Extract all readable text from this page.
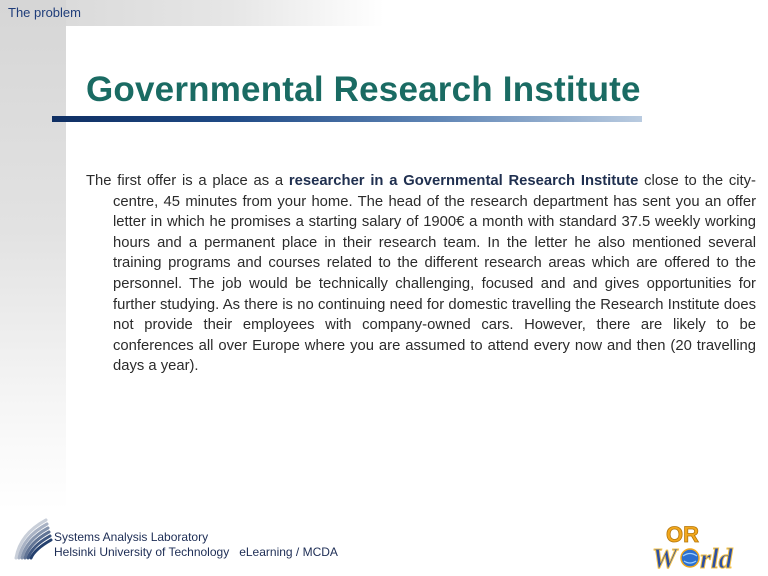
The problem
Governmental Research Institute

The first offer is a place as a researcher in a Governmental Research Institute close to the city-centre, 45 minutes from your home. The head of the research department has sent you an offer letter in which he promises a starting salary of 1900€ a month with standard 37.5 weekly working hours and a permanent place in their research team. In the letter he also mentioned several training programs and courses related to the different research areas which are offered to the personnel. The job would be technically challenging, focused and and gives opportunities for further studying. As there is no continuing need for domestic travelling the Research Institute does not provide their employees with company-owned cars. However, there are likely to be conferences all over Europe where you are assumed to attend every now and then (20 travelling days a year).

Systems Analysis Laboratory
Helsinki University of Technology eLearning / MCDA
OR
W rld
